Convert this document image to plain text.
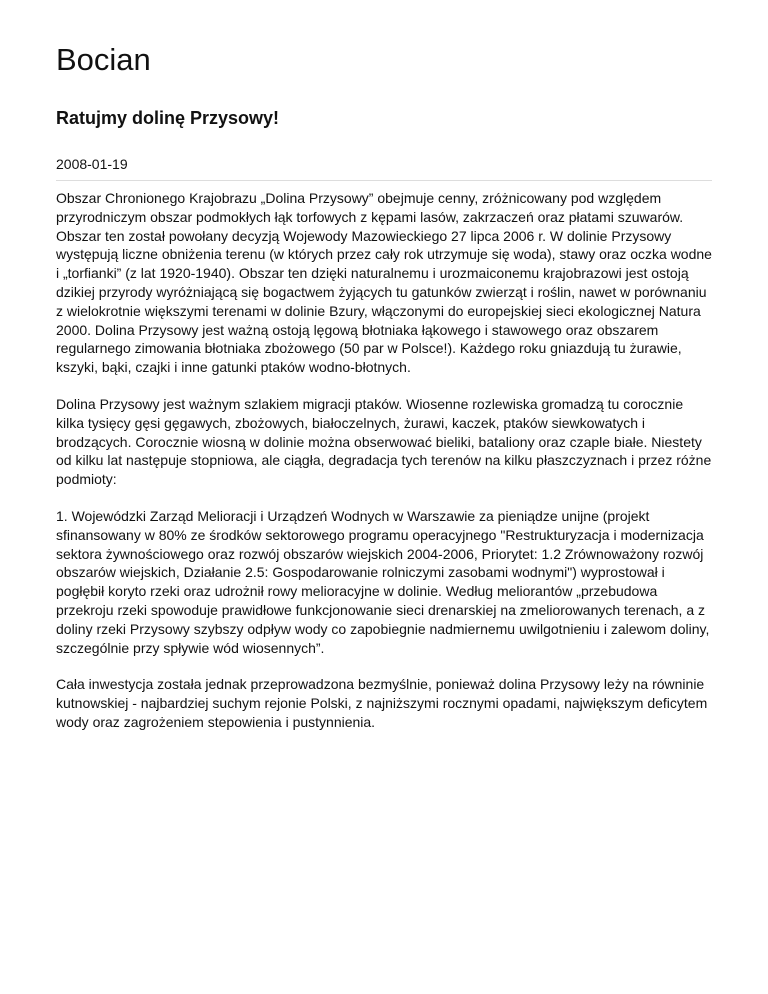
Bocian
Ratujmy dolinę Przysowy!
2008-01-19

Obszar Chronionego Krajobrazu „Dolina Przysowy” obejmuje cenny, zróżnicowany pod względem przyrodniczym obszar podmokłych łąk torfowych z kępami lasów, zakrzaczeń oraz płatami szuwarów. Obszar ten został powołany decyzją Wojewody Mazowieckiego 27 lipca 2006 r. W dolinie Przysowy występują liczne obniżenia terenu (w których przez cały rok utrzymuje się woda), stawy oraz oczka wodne i „torfianki” (z lat 1920-1940). Obszar ten dzięki naturalnemu i urozmaiconemu krajobrazowi jest ostoją dzikiej przyrody wyróżniającą się bogactwem żyjących tu gatunków zwierząt i roślin, nawet w porównaniu z wielokrotnie większymi terenami w dolinie Bzury, włączonymi do europejskiej sieci ekologicznej Natura 2000. Dolina Przysowy jest ważną ostoją lęgową błotniaka łąkowego i stawowego oraz obszarem regularnego zimowania błotniaka zbożowego (50 par w Polsce!). Każdego roku gniazdują tu żurawie, kszyki, bąki, czajki i inne gatunki ptaków wodno-błotnych.

Dolina Przysowy jest ważnym szlakiem migracji ptaków. Wiosenne rozlewiska gromadzą tu corocznie kilka tysięcy gęsi gęgawych, zbożowych, białoczelnych, żurawi, kaczek, ptaków siewkowatych i brodzących. Corocznie wiosną w dolinie można obserwować bieliki, bataliony oraz czaple białe. Niestety od kilku lat następuje stopniowa, ale ciągła, degradacja tych terenów na kilku płaszczyznach i przez różne podmioty:

1. Wojewódzki Zarząd Melioracji i Urządzeń Wodnych w Warszawie za pieniądze unijne (projekt sfinansowany w 80% ze środków sektorowego programu operacyjnego "Restrukturyzacja i modernizacja sektora żywnościowego oraz rozwój obszarów wiejskich 2004-2006, Priorytet: 1.2 Zrównoważony rozwój obszarów wiejskich, Działanie 2.5: Gospodarowanie rolniczymi zasobami wodnymi") wyprostował i pogłębił koryto rzeki oraz udrożnił rowy melioracyjne w dolinie. Według meliorantów „przebudowa przekroju rzeki spowoduje prawidłowe funkcjonowanie sieci drenarskiej na zmeliorowanych terenach, a z doliny rzeki Przysowy szybszy odpływ wody co zapobiegnie nadmiernemu uwilgotnieniu i zalewom doliny, szczególnie przy spływie wód wiosennych”.

Cała inwestycja została jednak przeprowadzona bezmyślnie, ponieważ dolina Przysowy leży na równinie kutnowskiej - najbardziej suchym rejonie Polski, z najniższymi rocznymi opadami, największym deficytem wody oraz zagrożeniem stepowienia i pustynnienia.
